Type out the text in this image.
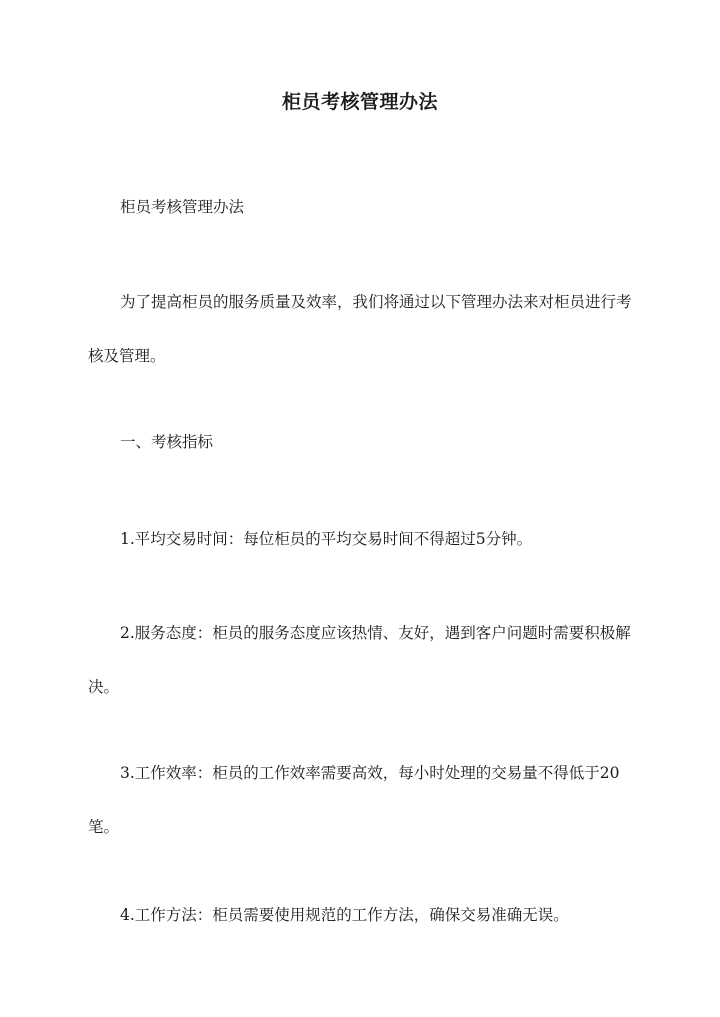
柜员考核管理办法

柜员考核管理办法

为了提高柜员的服务质量及效率，我们将通过以下管理办法来对柜员进行考核及管理。

一、考核指标

1.平均交易时间：每位柜员的平均交易时间不得超过5分钟。

2.服务态度：柜员的服务态度应该热情、友好，遇到客户问题时需要积极解决。

3.工作效率：柜员的工作效率需要高效，每小时处理的交易量不得低于20笔。

4.工作方法：柜员需要使用规范的工作方法，确保交易准确无误。
